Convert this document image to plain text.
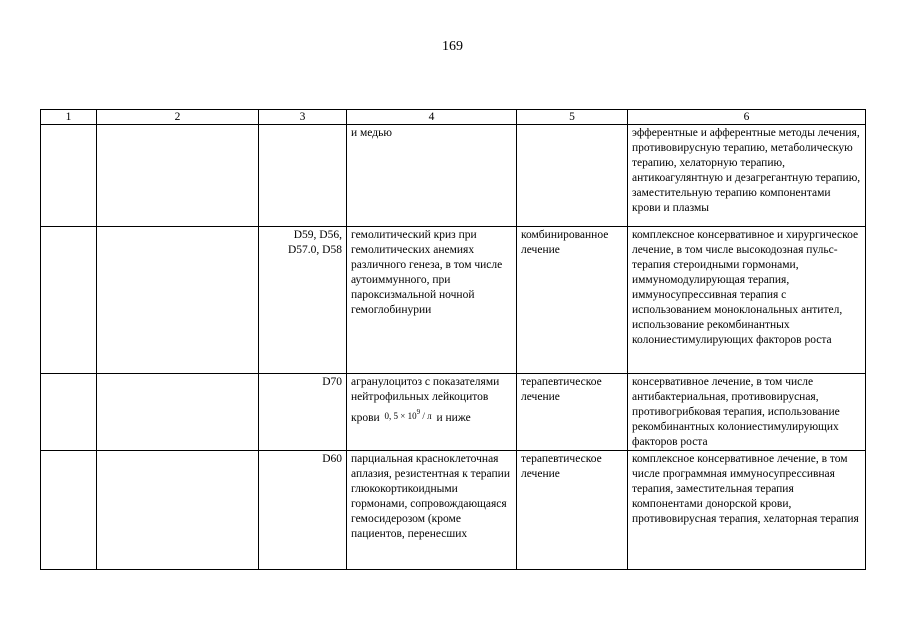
169
1	2	3	4	5	6
			и медью		эфферентные и афферентные методы лечения, противовирусную терапию, метаболическую терапию, хелаторную терапию, антикоагулянтную и дезагрегантную терапию, заместительную терапию компонентами крови и плазмы
		D59, D56, D57.0, D58	гемолитический криз при гемолитических анемиях различного генеза, в том числе аутоиммунного, при пароксизмальной ночной гемоглобинурии	комбинированное лечение	комплексное консервативное и хирургическое лечение, в том числе высокодозная пульс-терапия стероидными гормонами, иммуномодулирующая терапия, иммуносупрессивная терапия с использованием моноклональных антител, использование рекомбинантных колониестимулирующих факторов роста
		D70	агранулоцитоз с показателями нейтрофильных лейкоцитов крови 0, $5 \times 10^9 / л$ и ниже	терапевтическое лечение	консервативное лечение, в том числе антибактериальная, противовирусная, противогрибковая терапия, использование рекомбинантных колониестимулирующих факторов роста
		D60	парциальная красноклеточная аплазия, резистентная к терапии глюкокортикоидными гормонами, сопровождающаяся гемосидерозом (кроме пациентов, перенесших	терапевтическое лечение	комплексное консервативное лечение, в том числе программная иммуносупрессивная терапия, заместительная терапия компонентами донорской крови, противовирусная терапия, хелаторная терапия
